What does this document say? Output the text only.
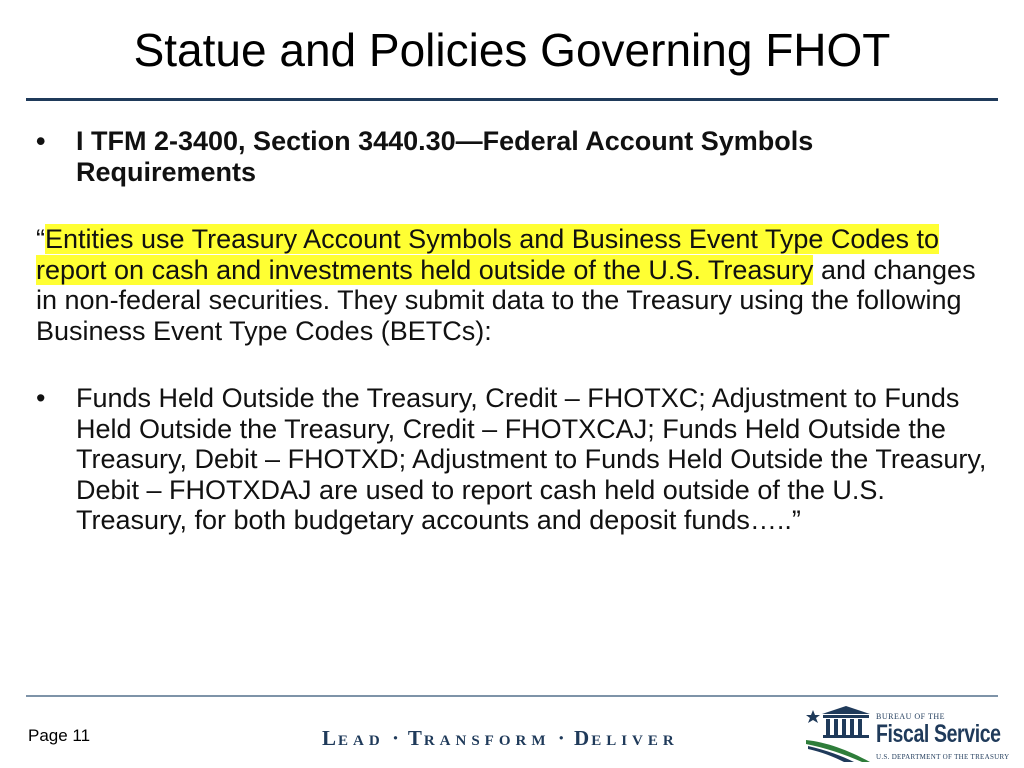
Statue and Policies Governing FHOT
•	I TFM 2-3400, Section 3440.30—Federal Account Symbols Requirements
“Entities use Treasury Account Symbols and Business Event Type Codes to report on cash and investments held outside of the U.S. Treasury and changes in non-federal securities. They submit data to the Treasury using the following Business Event Type Codes (BETCs):
•	Funds Held Outside the Treasury, Credit – FHOTXC; Adjustment to Funds Held Outside the Treasury, Credit – FHOTXCAJ; Funds Held Outside the Treasury, Debit – FHOTXD; Adjustment to Funds Held Outside the Treasury, Debit – FHOTXDAJ are used to report cash held outside of the U.S. Treasury, for both budgetary accounts and deposit funds…..”
Page 11	LEAD · TRANSFORM · DELIVER
BUREAU OF THE
Fiscal Service
U.S. DEPARTMENT OF THE TREASURY
